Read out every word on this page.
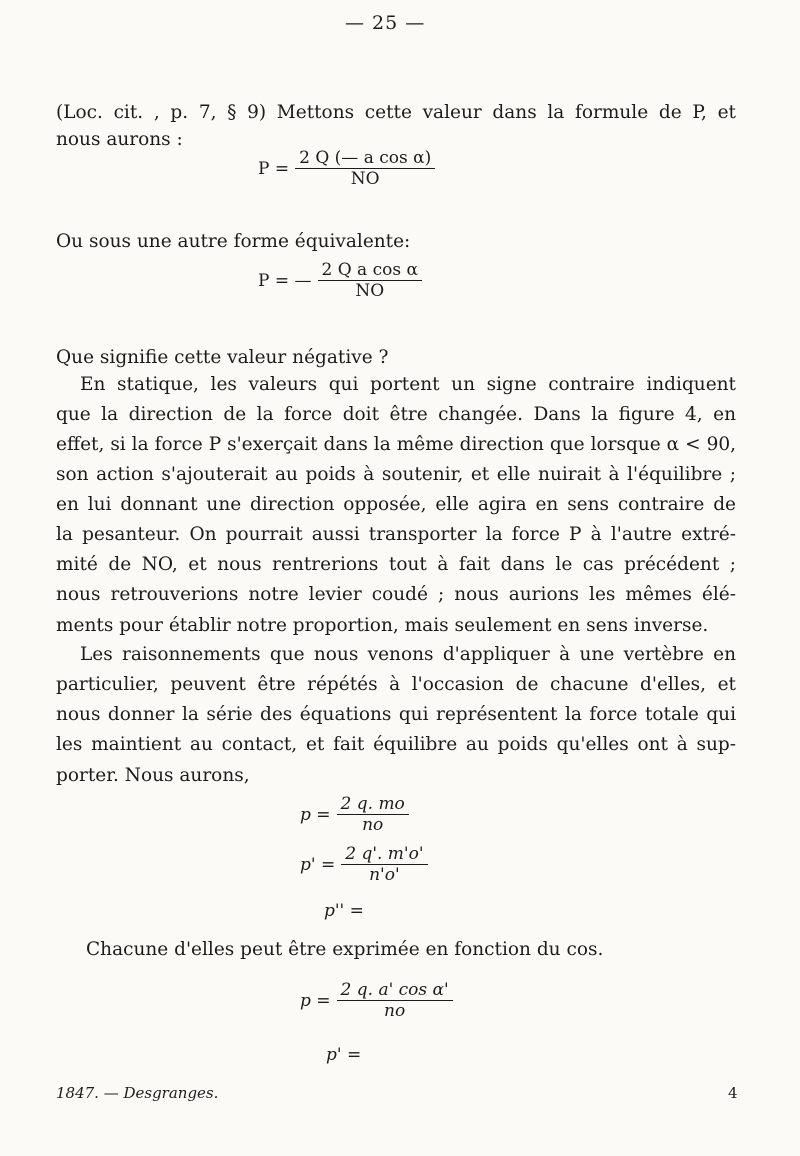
— 25 —
(Loc. cit. , p. 7, § 9) Mettons cette valeur dans la formule de P, et
nous aurons :
$P = \frac{\text{2 Q (— a cos α)}}{NO}$
Ou sous une autre forme équivalente:
P = — $\frac{\text{2 Q a cos α}}{NO}$
Que signifie cette valeur négative ?
En statique, les valeurs qui portent un signe contraire indiquent
que la direction de la force doit être changée. Dans la figure 4, en
effet, si la force P s'exerçait dans la même direction que lorsque α < 90,
son action s'ajouterait au poids à soutenir, et elle nuirait à l'équilibre ;
en lui donnant une direction opposée, elle agira en sens contraire de
la pesanteur. On pourrait aussi transporter la force P à l'autre extré-
mité de NO, et nous rentrerions tout à fait dans le cas précédent ;
nous retrouverions notre levier coudé ; nous aurions les mêmes élé-
ments pour établir notre proportion, mais seulement en sens inverse.
Les raisonnements que nous venons d'appliquer à une vertèbre en
particulier, peuvent être répétés à l'occasion de chacune d'elles, et
nous donner la série des équations qui représentent la force totale qui
les maintient au contact, et fait équilibre au poids qu'elles ont à sup-
porter. Nous aurons,
$p = \frac{2 q. mo}{no}$
$p' = \frac{2 q'. m'o'}{n'o'}$
p'' =
Chacune d'elles peut être exprimée en fonction du cos.
$p = \frac{\text{2 q. a' cos α'}}{no}$
p' =
1847. — Desgranges.	4
